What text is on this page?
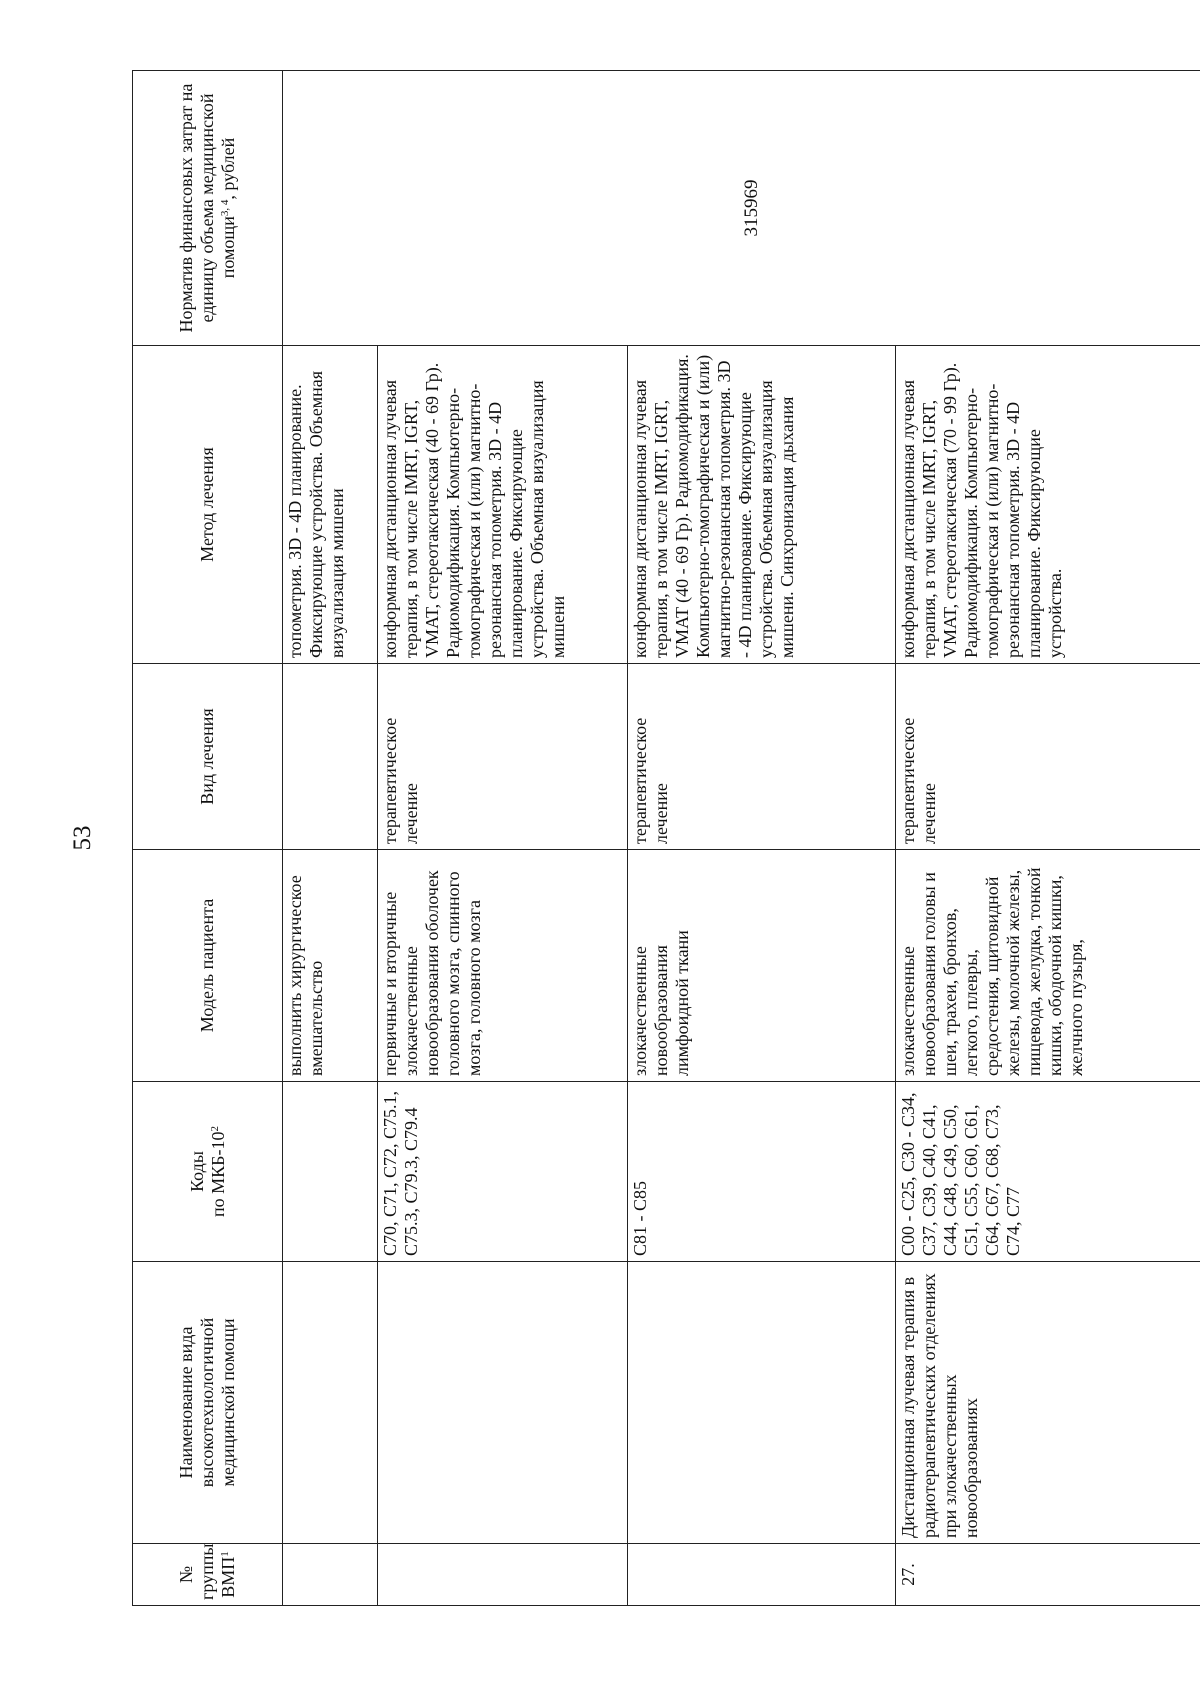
53
№ группы ВМП$^1$	Наименование вида высокотехнологичной медицинской помощи	Коды по МКБ-$10^2$	Модель пациента	Вид лечения	Метод лечения	Норматив финансовых затрат на единицу объема медицинской помощи$^{3, 4}$, рублей
			выполнить хирургическое вмешательство		топометрия. 3D - 4D планирование. Фиксирующие устройства. Объемная визуализация мишени	315969
		C70, C71, C72, C75.1, C75.3, C79.3, C79.4	первичные и вторичные злокачественные новообразования оболочек головного мозга, спинного мозга, головного мозга	терапевтическое лечение	конформная дистанционная лучевая терапия, в том числе IMRT, IGRT, VMAT, стереотаксическая (40 - 69 Гр). Радиомодификация. Компьютерно-томографическая и (или) магнитно-резонансная топометрия. 3D - 4D планирование. Фиксирующие устройства. Объемная визуализация мишени	
		C81 - C85	злокачественные новообразования лимфоидной ткани	терапевтическое лечение	конформная дистанционная лучевая терапия, в том числе IMRT, IGRT, VMAT (40 - 69 Гр). Радиомодификация. Компьютерно-томографическая и (или) магнитно-резонансная топометрия. 3D - 4D планирование. Фиксирующие устройства. Объемная визуализация мишени. Синхронизация дыхания	
27.	Дистанционная лучевая терапия в радиотерапевтических отделениях при злокачественных новообразованиях	C00 - C25, C30 - C34, C37, C39, C40, C41, C44, C48, C49, C50, C51, C55, C60, C61, C64, C67, C68, C73, C74, C77	злокачественные новообразования головы и шеи, трахеи, бронхов, легкого, плевры, средостения, щитовидной железы, молочной железы, пищевода, желудка, тонкой кишки, ободочной кишки, желчного пузыря,	терапевтическое лечение	конформная дистанционная лучевая терапия, в том числе IMRT, IGRT, VMAT, стереотаксическая (70 - 99 Гр). Радиомодификация. Компьютерно-томографическая и (или) магнитно-резонансная топометрия. 3D - 4D планирование. Фиксирующие устройства.	
